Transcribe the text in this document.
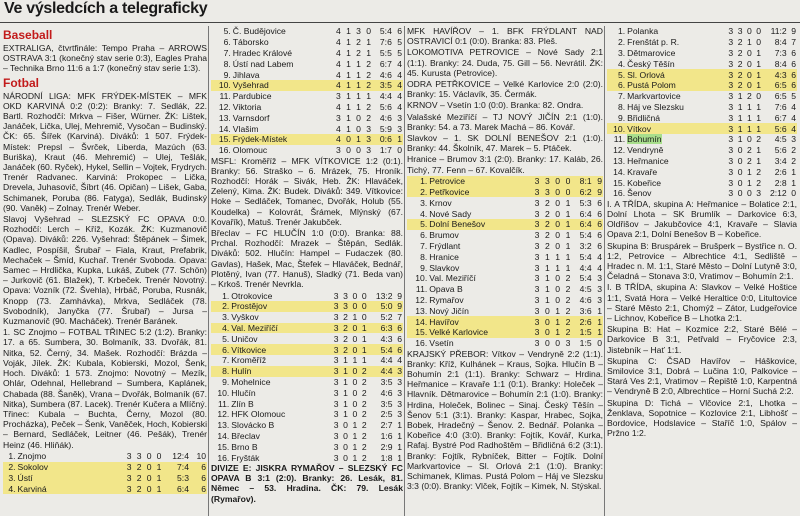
Ve výsledcích a telegraficky
Baseball
EXTRALIGA, čtvrtfinále: Tempo Praha – ARROWS OSTRAVA 3:1 (konečný stav serie 0:3), Eagles Praha – Technika Brno 11:6 a 1:7 (konečný stav serie 1:3).
Fotbal
NÁRODNÍ LIGA: MFK FRÝDEK-MÍSTEK – MFK OKD KARVINÁ 0:2 (0:2): Branky: 7. Sedlák, 22. Bartl. Rozhodčí: Mrkva – Fišer, Würner. ŽK: Lištek, Janáček, Lička, Ulej, Mehremič, Vysočan – Budinský. ČK: 65. Šířek (Karviná). Diváků: 1 507. Frýdek-Místek: Prepsl – Švrček, Liberda, Mazúch (63. Buriška), Kraut (46. Mehremić) – Ulej, Tešlák, Janáček (60. Ryček), Hykel, Sellin – Vojtek, Frydrych. Trenér Radvanec. Karviná: Prokopec – Lička, Drevela, Juhasovič, Šíbrt (46. Opičan) – Lišek, Gaba, Schimanek, Poruba (86. Fatyga), Sedlák, Budinský (90. Vaněk) – Zolnay. Trenér Weber.
Slavoj Vyšehrad – SLEZSKÝ FC OPAVA 0:0. Rozhodčí: Lerch – Kříž, Kozák. ŽK: Kuzmanovič (Opava). Diváků: 226. Vyšehrad: Štěpánek – Šimek, Kadlec, Pospíšil, Šrubař – Fiala, Kraut, Prefabrik, Mechaček – Šmíd, Kuchař. Trenér Svoboda. Opava: Samec – Hrdlička, Kupka, Lukáš, Zubek (77. Schön) – Jurkovič (61. Blažek), T. Krbeček. Trenér Novotný. Opava: Vozník (72. Švehla), Hrbáč, Poruba, Rusnák, Knopp (73. Zamhávka), Mrkva, Sedláček (78. Svobodník), Janyčka (77. Šrubař) – Jursa – Kuzmanovič (90. Macháček). Trenér Baránek.
1. SC Znojmo – FOTBAL TŘINEC 5:2 (1:2). Branky: 17. a 65. Sumbera, 30. Bolmaník, 33. Dvořák, 81. Nitka, 52. Černý, 34. Mašek. Rozhodčí: Brázda – Voják, Jílek. ŽK: Kubala, Kobierski, Mozol, Šenk, Hoch. Diváků: 1 573. Znojmo: Novotný – Mezík, Ohlár, Odehnal, Hellebrand – Sumbera, Kaplánek, Chabada (88. Šaněk), Vrana – Dvořák, Bolmaník (67. Nitka), Sumbera (87. Lacek). Trenér Kučera a Mlíčný. Třinec: Kubala – Buchta, Černy, Mozol (80. Procházka), Peček – Šenk, Vaněček, Hoch, Kobierski – Bernard, Sedláček, Leitner (46. Pešák), Trenér Heinz (46. Hliňák).
1.	Znojmo	3	3	0	0	12:4	10
2.	Sokolov	3	2	0	1	7:4	6
3.	Ústí	3	2	0	1	5:3	6
4.	Karviná	3	2	0	1	6:4	6
5.	Č. Budějovice	4	1	3	0	5:4	6
6.	Táborsko	4	1	2	1	7:6	5
7.	Hradec Králové	4	1	2	1	5:5	5
8.	Ústí nad Labem	4	1	1	2	6:7	4
9.	Jihlava	4	1	1	2	4:6	4
10.	Vyšehrad	4	1	1	2	3:5	4
11.	Pardubice	3	1	1	1	4:4	4
12.	Viktoria	4	1	1	2	5:6	4
13.	Varnsdorf	3	1	0	2	4:6	3
14.	Vlašim	4	1	0	3	5:9	3
15.	Frýdek-Místek	4	0	1	3	0:6	1
16.	Olomouc	3	0	0	3	1:7	0
MSFL: Kroměříž – MFK VÍTKOVICE 1:2 (0:1). Branky: 56. Straško – 6. Mrázek, 75. Hroník. Rozhodčí: Horák – Sivák, Heb. ŽK: Hlaváček, Zelený, Kima. ŽK: Budek. Diváků: 349. Vítkovice: Hoke – Sedláček, Tomanec, Dvořák, Holub (55. Koudelka) – Kolovrát, Šrámek, Mlýnský (67. Kovařík), Matuš. Trenér Jakubček.
Břeclav – FC HLUČÍN 1:0 (0:0). Branka: 88. Prchal. Rozhodčí: Mrazek – Štěpán, Sedlák. Diváků: 502. Hlučín: Hampel – Fudaczek (80. Gavlas), Hašek, Mac, Štefek – Hlaváček, Bednář, Plotěný, Ivan (77. Hanuš), Sladký (71. Beda van) – Krkoš. Trenér Nevrkla.
1.	Otrokovice	3	3	0	0	13:2	9
2.	Prostějov	3	3	0	0	5:0	9
3.	Vyškov	3	2	1	0	5:2	7
4.	Val. Meziříčí	3	2	0	1	6:3	6
5.	Uničov	3	2	0	1	4:3	6
6.	Vítkovice	3	2	0	1	5:4	6
7.	Kroměříž	3	1	1	1	4:4	4
8.	Hulín	3	1	0	2	4:4	3
9.	Mohelnice	3	1	0	2	3:5	3
10.	Hlučín	3	1	0	2	4:6	3
11.	Zlín B	3	1	0	2	3:5	3
12.	HFK Olomouc	3	1	0	2	2:5	3
13.	Slovácko B	3	0	1	2	2:7	1
14.	Břeclav	3	0	1	2	1:6	1
15.	Brno B	3	0	1	2	2:9	1
16.	Fryšták	3	0	1	2	1:8	1
DIVIZE E: JISKRA RYMAŘOV – SLEZSKÝ FC OPAVA B 3:1 (2:0). Branky: 26. Lesák, 81. Němec – 53. Hradina. ČK: 79. Lesák (Rymařov).
MFK HAVÍŘOV – 1. BFK FRÝDLANT NAD OSTRAVICÍ 0:1 (0:0). Branka: 83. Pleš.
LOKOMOTIVA PETROVICE – Nové Sady 2:1 (1:1). Branky: 24. Duda, 75. Gill – 56. Nevrátil. ŽK: 45. Kurusta (Petrovice).
ODRA PETŘKOVICE – Velké Karlovice 2:0 (2:0). Branky: 15. Václavík, 35. Čermák.
KRNOV – Vsetín 1:0 (0:0). Branka: 82. Ondra.
Valašské Meziříčí – TJ NOVÝ JIČÍN 2:1 (1:0). Branky: 54. a 73. Marek Machá – 86. Kovář.
Slavkov – 1. SK DOLNÍ BENEŠOV 2:1 (1:0). Branky: 44. Školník, 47. Marek – 5. Ptáček.
Hranice – Brumov 3:1 (2:0). Branky: 17. Kaláb, 26. Tichý, 77. Fenn – 67. Kovalčík.
1.	Petrovice	3	3	0	0	8:1	9
2.	Petřkovice	3	3	0	0	6:2	9
3.	Krnov	3	2	0	1	5:3	6
4.	Nové Sady	3	2	0	1	6:4	6
5.	Dolní Benešov	3	2	0	1	6:4	6
6.	Brumov	3	2	0	1	5:4	6
7.	Frýdlant	3	2	0	1	3:2	6
8.	Hranice	3	1	1	1	5:4	4
9.	Slavkov	3	1	1	1	4:4	4
10.	Val. Meziříčí	3	1	0	2	5:4	3
11.	Opava B	3	1	0	2	4:5	3
12.	Rymařov	3	1	0	2	4:6	3
13.	Nový Jičín	3	0	1	2	3:6	1
14.	Havířov	3	0	1	2	2:6	1
15.	Velké Karlovice	3	0	1	2	1:5	1
16.	Vsetín	3	0	0	3	1:5	0
KRAJSKÝ PŘEBOR: Vítkov – Vendryně 2:2 (1:1). Branky: Kříž, Kulhánek – Kraus, Sojka. Hlučín B – Bohumín 2:1 (1:1). Branky: Schwarz – Hrdina. Heřmanice – Kravaře 1:1 (0:1). Branky: Holeček – Hlavník. Dětmarovice – Bohumín 2:1 (1:0). Branky: Hrdina, Holeček, Bolinec – Sinaj. Český Těšín – Šenov 5:1 (3:1). Branky: Kaspar, Hrabec, Sojka, Bobek, Hradečný – Šenov. 2. Bednář. Polanka – Kobeřice 4:0 (3:0). Branky: Fojtík, Kovář, Kurka, Rafaj. Bystré Pod Radhoštěm – Břidličná 6:2 (3:1). Branky: Fojtík, Rybníček, Bitter – Fojtík. Dolní Markvartovice – Sl. Orlová 2:1 (1:0). Branky: Schimanek, Klimas. Pustá Polom – Háj ve Slezsku 3:3 (0:0). Branky: Vlček, Fojtík – Kimek, N. Stýskal.
1.	Polanka	3	3	0	0	11:2	9
2.	Frenštát p. R.	3	2	1	0	8:4	7
3.	Dětmarovice	3	2	0	1	7:3	6
4.	Český Těšín	3	2	0	1	8:4	6
5.	Sl. Orlová	3	2	0	1	4:3	6
6.	Pustá Polom	3	2	0	1	6:5	6
7.	Markvartovice	3	1	2	0	6:5	5
8.	Háj ve Slezsku	3	1	1	1	7:6	4
9.	Břidličná	3	1	1	1	6:7	4
10.	Vítkov	3	1	1	1	5:6	4
11.	Bohumín	3	1	0	2	4:5	3
12.	Vendryně	3	0	2	1	5:6	2
13.	Heřmanice	3	0	2	1	3:4	2
14.	Kravaře	3	0	1	2	2:6	1
15.	Kobeřice	3	0	1	2	2:8	1
16.	Šenov	3	0	0	3	2:12	0
I. A TŘÍDA, skupina A: Heřmanice – Bolatice 2:1, Dolní Lhota – SK Brumlík – Darkovice 6:3, Oldřišov – Jakubčovice 4:1, Kravaře – Slavia Opava 2:1, Dolní Benešov B – Kobeřice.
Skupina B: Bruspárek – Brušperk – Bystřice n. O. 1:2, Petrovice – Albrechtice 4:1, Sedliště – Hradec n. M. 1:1, Staré Město – Dolní Lutyně 3:0, Čeladná – Stonava 3:0, Vratimov – Bohumín 2:1.
I. B TŘÍDA, skupina A: Slavkov – Velké Hoštice 1:1, Svatá Hora – Velké Heraltice 0:0, Litultovice – Staré Město 2:1, Chomýž – Zátor, Ludgeřovice – Lichnov, Kobeřice B – Lhotka 2:1.
Skupina B: Hat – Kozmice 2:2, Staré Bělé – Darkovice B 3:1, Petřvald – Fryčovice 2:3, Jistebník – Hať 1:1.
Skupina C: ČSAD Havířov – Háškovice, Smilovice 3:1, Dobrá – Lučina 1:0, Palkovice – Stará Ves 2:1, Vratimov – Řepiště 1:0, Karpentná – Vendryně B 2:0, Albrechtice – Horní Suchá 2:2.
Skupina D: Tichá – Vlčovice 2:1, Lhotka – Ženklava, Sopotnice – Kozlovice 2:1, Libhošť – Bordovice, Hodslavice – Staříč 1:0, Spálov – Pržno 1:2.
